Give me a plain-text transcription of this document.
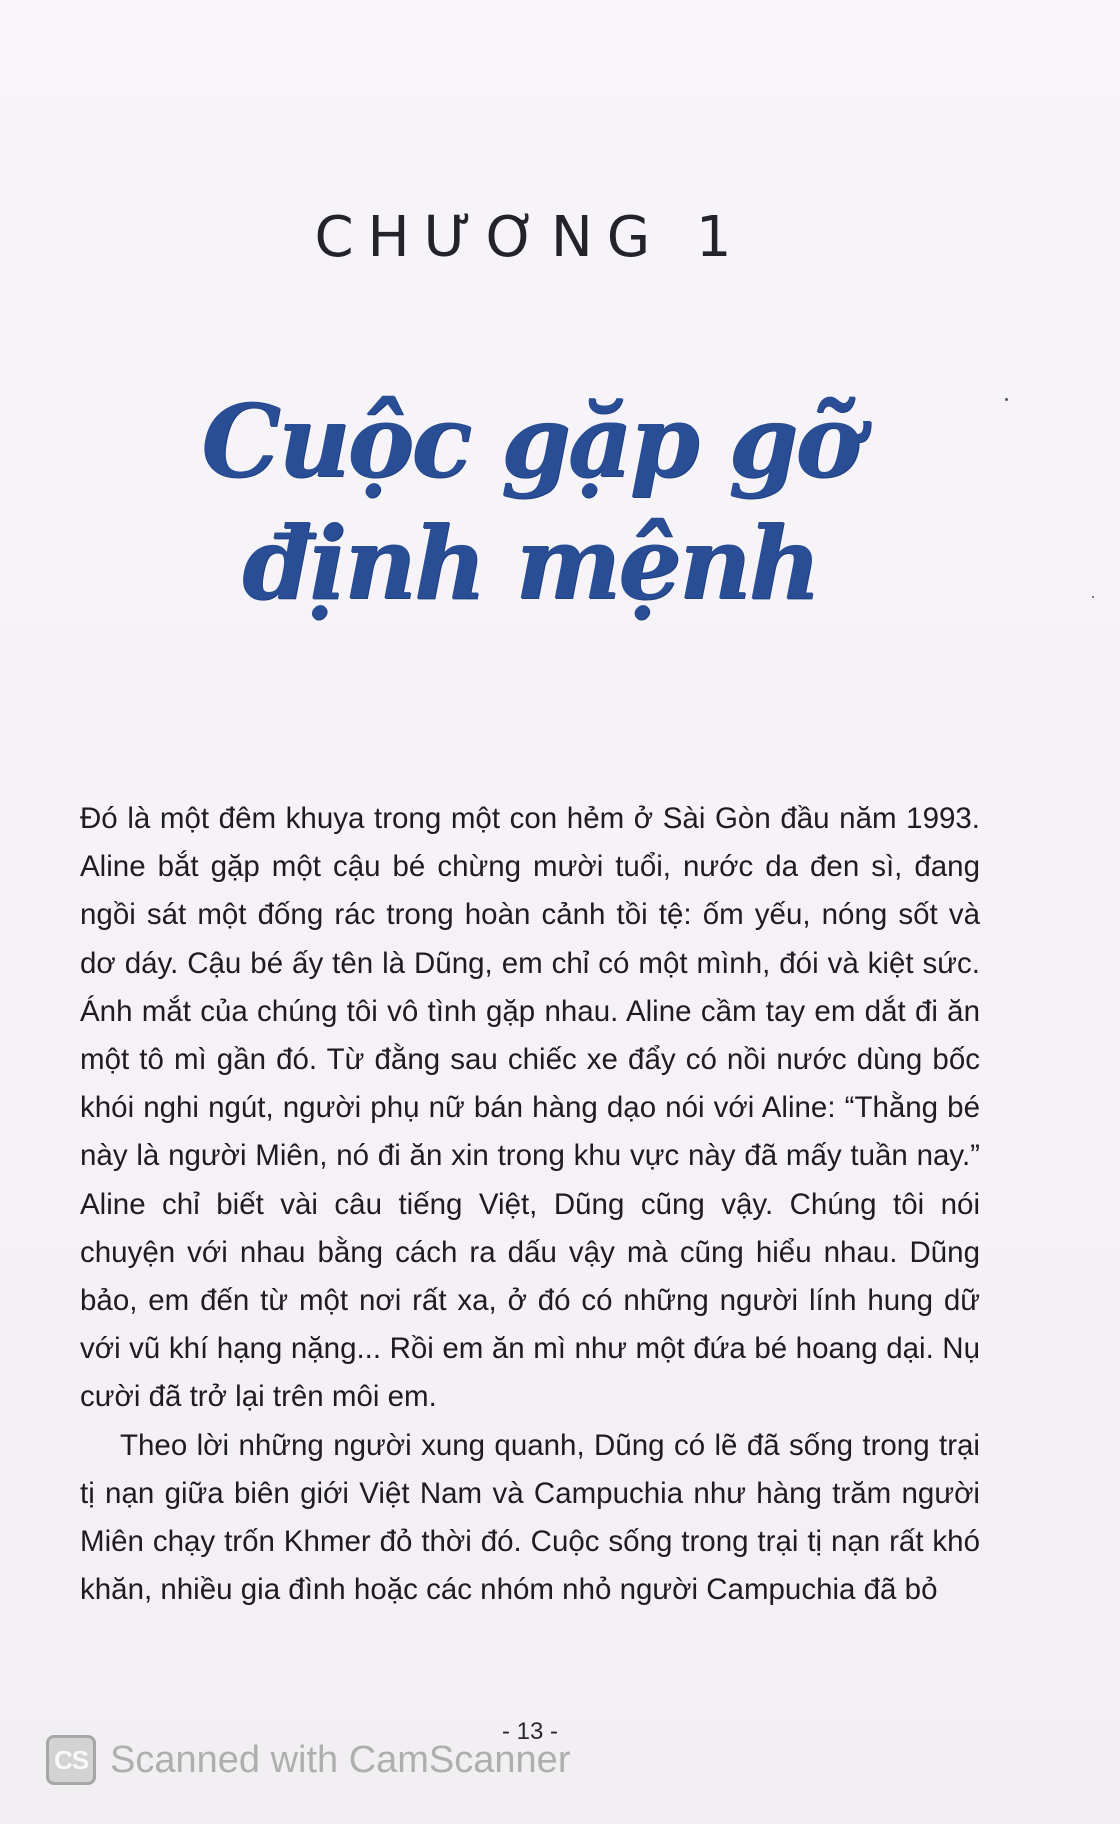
CHƯƠNG 1
Cuộc gặp gỡ
định mệnh

Đó là một đêm khuya trong một con hẻm ở Sài Gòn đầu năm 1993. Aline bắt gặp một cậu bé chừng mười tuổi, nước da đen sì, đang ngồi sát một đống rác trong hoàn cảnh tồi tệ: ốm yếu, nóng sốt và dơ dáy. Cậu bé ấy tên là Dũng, em chỉ có một mình, đói và kiệt sức. Ánh mắt của chúng tôi vô tình gặp nhau. Aline cầm tay em dắt đi ăn một tô mì gần đó. Từ đằng sau chiếc xe đẩy có nồi nước dùng bốc khói nghi ngút, người phụ nữ bán hàng dạo nói với Aline: “Thằng bé này là người Miên, nó đi ăn xin trong khu vực này đã mấy tuần nay.” Aline chỉ biết vài câu tiếng Việt, Dũng cũng vậy. Chúng tôi nói chuyện với nhau bằng cách ra dấu vậy mà cũng hiểu nhau. Dũng bảo, em đến từ một nơi rất xa, ở đó có những người lính hung dữ với vũ khí hạng nặng... Rồi em ăn mì như một đứa bé hoang dại. Nụ cười đã trở lại trên môi em.

Theo lời những người xung quanh, Dũng có lẽ đã sống trong trại tị nạn giữa biên giới Việt Nam và Campuchia như hàng trăm người Miên chạy trốn Khmer đỏ thời đó. Cuộc sống trong trại tị nạn rất khó khăn, nhiều gia đình hoặc các nhóm nhỏ người Campuchia đã bỏ

- 13 -
CS Scanned with CamScanner
